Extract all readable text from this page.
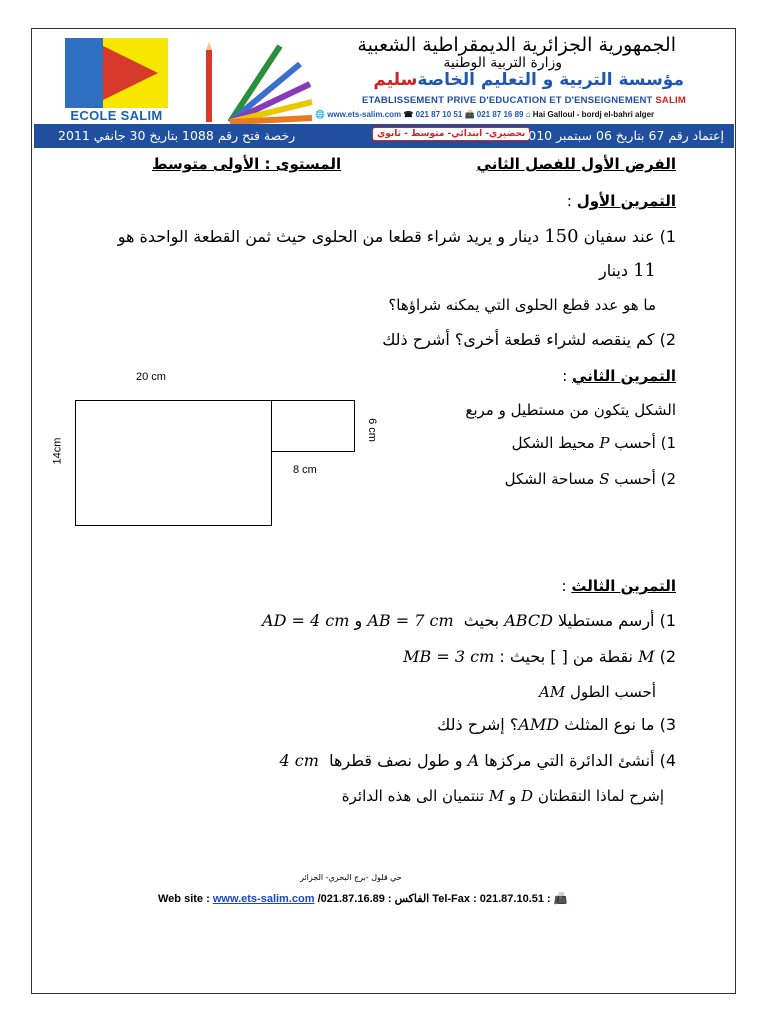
ECOLE SALIM
الجمهورية الجزائرية الديمقراطية الشعبية
وزارة التربية الوطنية
مؤسسة التربية و التعليم الخاصةسليم
ETABLISSEMENT PRIVE D'EDUCATION ET D'ENSEIGNEMENT SALIM
🌐 www.ets-salim.com ☎ 021 87 10 51 📠 021 87 16 89 ⌂ Hai Galloul - bordj el-bahri alger
رخصة فتح رقم 1088 بتاريخ 30 جانفي 2011	تحضيري- ابتدائي- متوسط - ثانوي
إعتماد رقم 67 بتاريخ 06 سبتمبر 2010
الفرض الأول للفصل الثاني
المستوى : الأولى متوسط
التمرين الأول :
1) عند سفيان 150 دينار و يريد شراء قطعا من الحلوى حيث ثمن القطعة الواحدة هو
11 دينار
ما هو عدد قطع الحلوى التي يمكنه شراؤها؟
2) كم ينقصه لشراء قطعة أخرى؟ أشرح ذلك
التمرين الثاني :
الشكل يتكون من مستطيل و مربع
1) أحسب P محيط الشكل
2) أحسب S مساحة الشكل
20 cm
14cm
6 cm
8 cm
التمرين الثالث :
1) أرسم مستطيلا ABCD بحيث  AB = 7 cm و AD = 4 cm
2) M نقطة من [ ] بحيث : MB = 3 cm
أحسب الطول AM
3) ما نوع المثلث AMD؟ إشرح ذلك
4) أنشئ الدائرة التي مركزها A و طول نصف قطرها  4 cm
إشرح لماذا النقطتان D و M تنتميان الى هذه الدائرة
حي قلول -برج البحري- الجزائر
Web site : www.ets-salim.com /021.87.16.89 : الفاكس Tel-Fax : 021.87.10.51 : 📠
